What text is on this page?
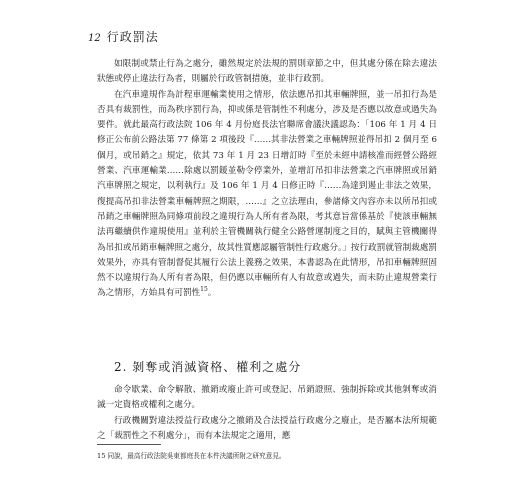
12 行政罰法

如限制或禁止行為之處分，雖然規定於法規的罰則章節之中，但其處分係在除去違法狀態或停止違法行為者，則屬於行政管制措施，並非行政罰。

在汽車違規作為計程車運輸業使用之情形，依法應吊扣其車輛牌照，並一吊扣行為是否具有裁罰性，而為秩序罰行為，抑或係是管制性不利處分，涉及是否應以故意或過失為要件。就此最高行政法院 106 年 4 月份庭長法官聯席會議決議認為：「106 年 1 月 4 日修正公布前公路法第 77 條第 2 項後段『……其非法營業之車輛牌照並得吊扣 2 個月至 6 個月，或吊銷之』規定，依其 73 年 1 月 23 日增訂時『至於未經申請核准而經營公路經營業、汽車運輸業……除處以罰鍰並勒令停業外，並增訂吊扣非法營業之汽車牌照或吊銷汽車牌照之規定，以利執行』及 106 年 1 月 4 日修正時『……為達到遏止非法之效果，復提高吊扣非法營業車輛牌照之期限，……』之立法理由，參諸條文內容亦未以所吊扣或吊銷之車輛牌照為同條項前段之違規行為人所有者為限，考其意旨當係基於『使該車輛無法再繼續供作違規使用』並利於主管機關執行健全公路營運制度之目的，賦與主管機關得為吊扣或吊銷車輛牌照之處分，故其性質應認屬管制性行政處分。」按行政罰就管制裁處罰效果外，亦具有管制督促其履行公法上義務之效果，本書認為在此情形，吊扣車輛牌照固然不以違規行為人所有者為限，但仍應以車輛所有人有故意或過失，而未防止違規營業行為之情形，方始具有可罰性$^{15}$。

2. 剝奪或消滅資格、權利之處分

命令歇業、命令解散、撤銷或廢止許可或登記、吊銷證照、強制拆除或其他剝奪或消滅一定資格或權利之處分。

行政機關對違法授益行政處分之撤銷及合法授益行政處分之廢止，是否屬本法所規範之「裁罰性之不利處分」，而有本法規定之適用，應

15 同說，最高行政法院吳東都庭長在本件決議所附之研究意見。
